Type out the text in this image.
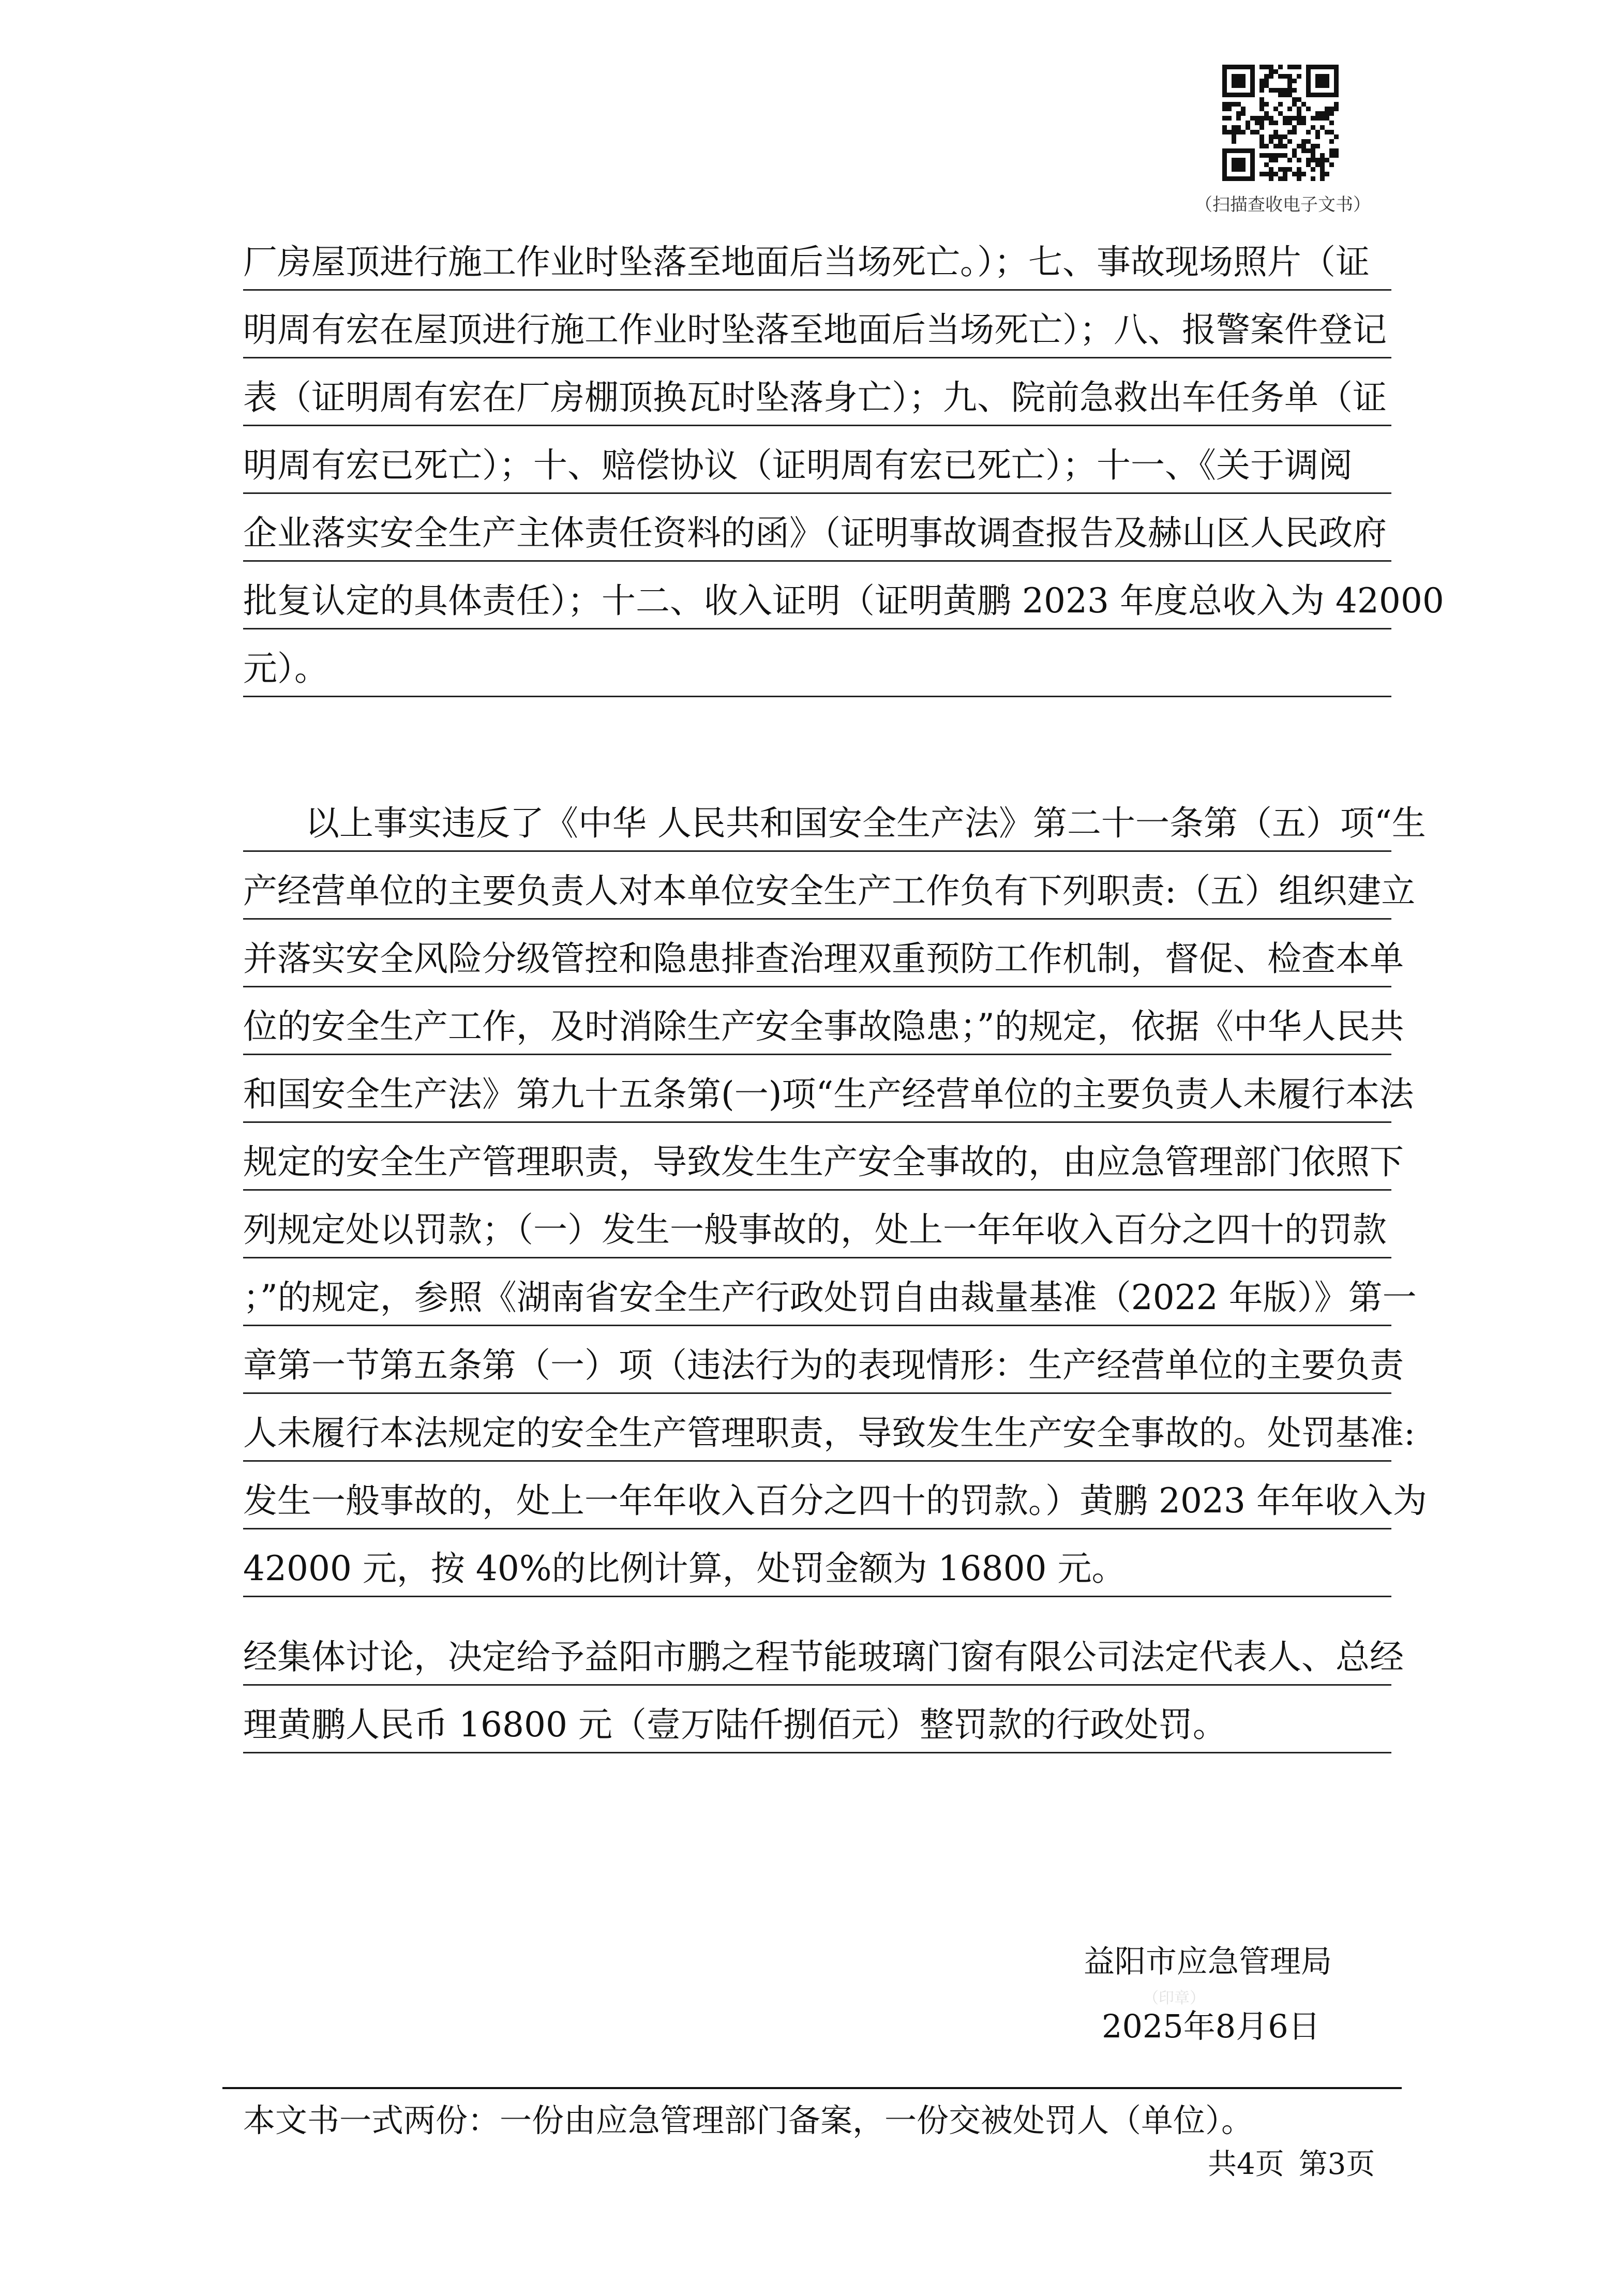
（扫描查收电子文书）
厂房屋顶进行施工作业时坠落至地面后当场死亡。）；七、事故现场照片（证
明周有宏在屋顶进行施工作业时坠落至地面后当场死亡）；八、报警案件登记
表（证明周有宏在厂房棚顶换瓦时坠落身亡）；九、院前急救出车任务单（证
明周有宏已死亡）；十、赔偿协议（证明周有宏已死亡）；十一、《关于调阅
企业落实安全生产主体责任资料的函》（证明事故调查报告及赫山区人民政府
批复认定的具体责任）；十二、收入证明（证明黄鹏 2023 年度总收入为 42000
元）。
以上事实违反了《中华 人民共和国安全生产法》第二十一条第（五）项“生
产经营单位的主要负责人对本单位安全生产工作负有下列职责:（五）组织建立
并落实安全风险分级管控和隐患排查治理双重预防工作机制，督促、检查本单
位的安全生产工作，及时消除生产安全事故隐患；”的规定，依据《中华人民共
和国安全生产法》第九十五条第(一)项“生产经营单位的主要负责人未履行本法
规定的安全生产管理职责，导致发生生产安全事故的，由应急管理部门依照下
列规定处以罚款；（一）发生一般事故的，处上一年年收入百分之四十的罚款
；”的规定，参照《湖南省安全生产行政处罚自由裁量基准（2022 年版）》第一
章第一节第五条第（一）项（违法行为的表现情形：生产经营单位的主要负责
人未履行本法规定的安全生产管理职责，导致发生生产安全事故的。处罚基准:
发生一般事故的，处上一年年收入百分之四十的罚款。）黄鹏 2023 年年收入为
42000 元，按 40%的比例计算，处罚金额为 16800 元。
经集体讨论，决定给予益阳市鹏之程节能玻璃门窗有限公司法定代表人、总经
理黄鹏人民币 16800 元（壹万陆仟捌佰元）整罚款的行政处罚。
益阳市应急管理局
（印章）
2025年8月6日
本文书一式两份：一份由应急管理部门备案，一份交被处罚人（单位）。
共4页 第3页
